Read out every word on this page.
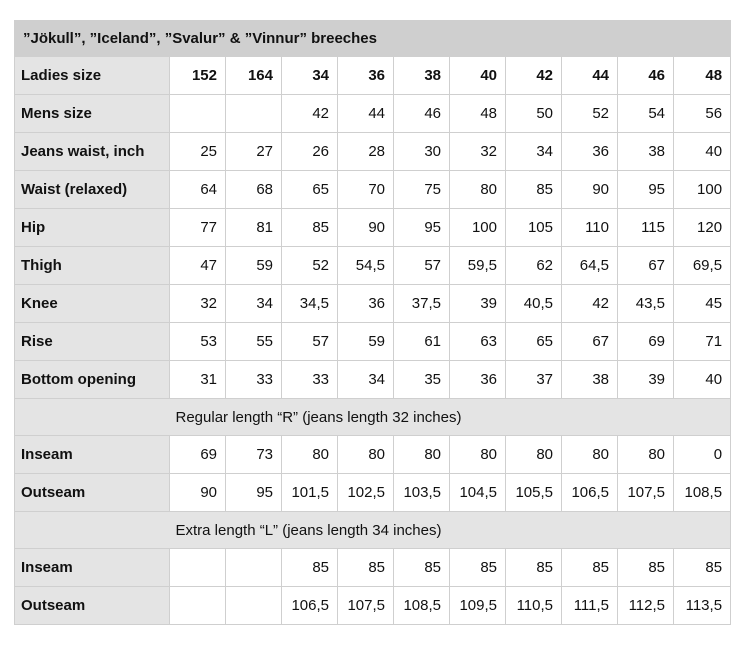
”Jökull”, ”Iceland”, ”Svalur” & ”Vinnur” breeches										
Ladies size	152	164	34	36	38	40	42	44	46	48
Mens size			42	44	46	48	50	52	54	56
Jeans waist, inch	25	27	26	28	30	32	34	36	38	40
Waist (relaxed)	64	68	65	70	75	80	85	90	95	100
Hip	77	81	85	90	95	100	105	110	115	120
Thigh	47	59	52	54,5	57	59,5	62	64,5	67	69,5
Knee	32	34	34,5	36	37,5	39	40,5	42	43,5	45
Rise	53	55	57	59	61	63	65	67	69	71
Bottom opening	31	33	33	34	35	36	37	38	39	40
	Regular length “R” (jeans length 32 inches)									
Inseam	69	73	80	80	80	80	80	80	80	0
Outseam	90	95	101,5	102,5	103,5	104,5	105,5	106,5	107,5	108,5
	Extra length “L” (jeans length 34 inches)									
Inseam			85	85	85	85	85	85	85	85
Outseam			106,5	107,5	108,5	109,5	110,5	111,5	112,5	113,5
